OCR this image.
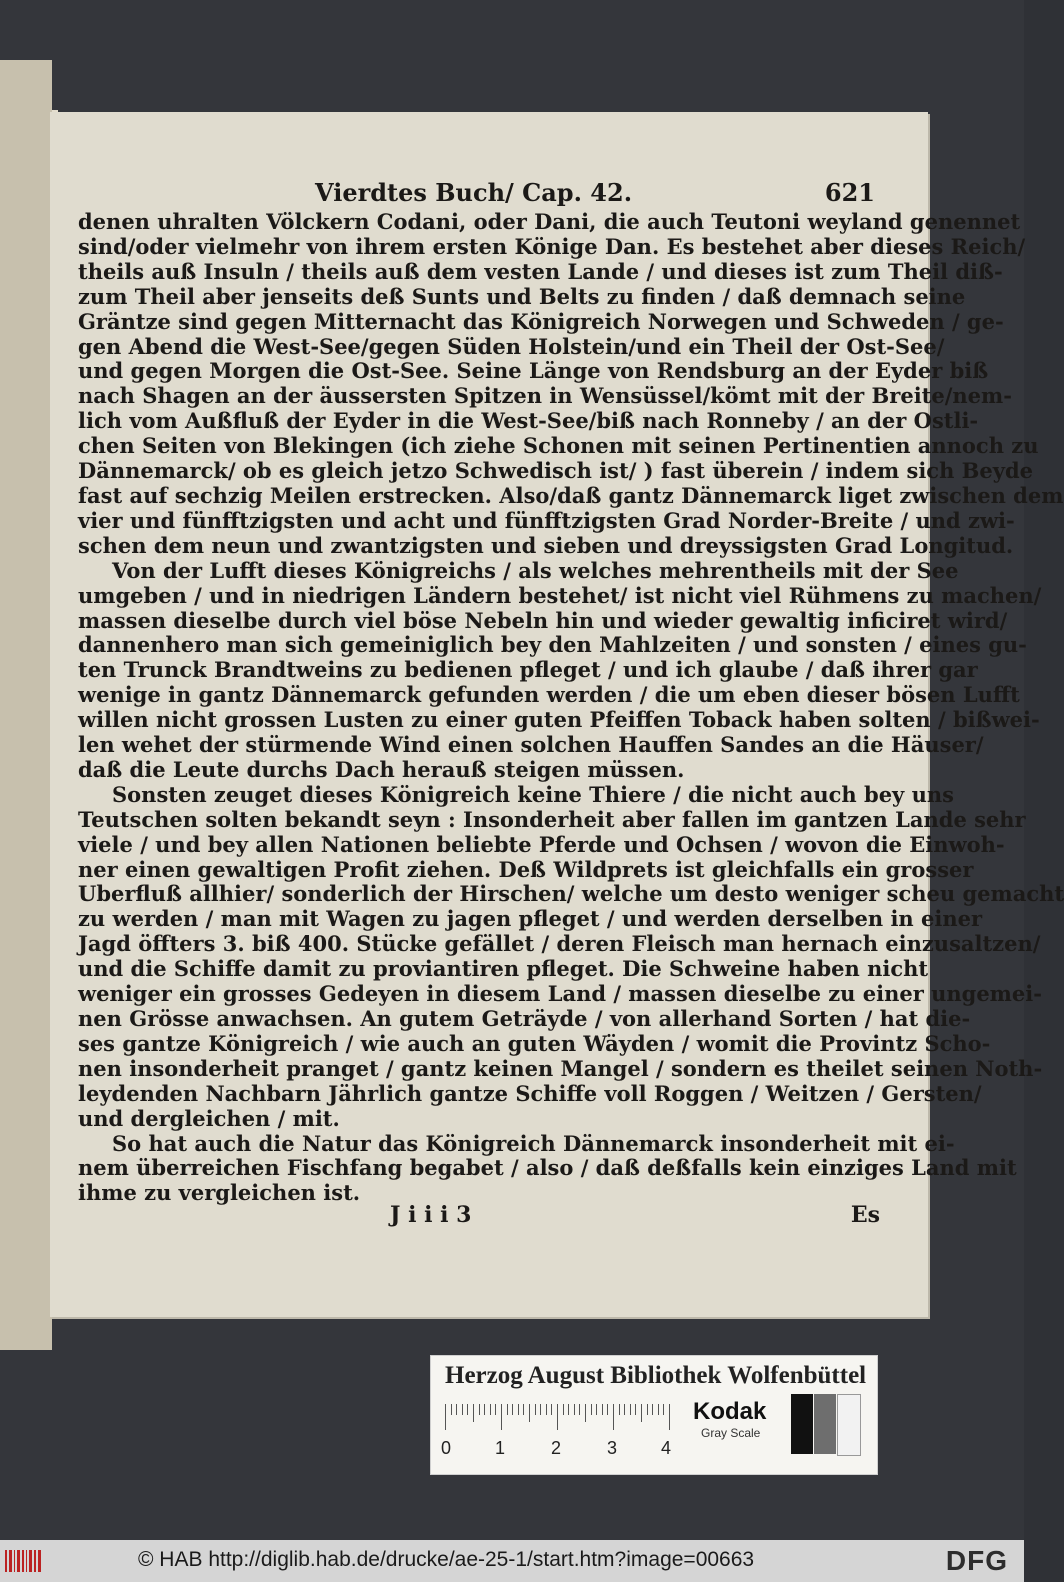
Vierdtes Buch/ Cap. 42.	621
denen uhralten Völckern Codani, oder Dani, die auch Teutoni weyland genennet
sind/oder vielmehr von ihrem ersten Könige Dan. Es bestehet aber dieses Reich/
theils auß Insuln / theils auß dem vesten Lande / und dieses ist zum Theil diß-
zum Theil aber jenseits deß Sunts und Belts zu finden / daß demnach seine
Gräntze sind gegen Mitternacht das Königreich Norwegen und Schweden / ge-
gen Abend die West-See/gegen Süden Holstein/und ein Theil der Ost-See/
und gegen Morgen die Ost-See. Seine Länge von Rendsburg an der Eyder biß
nach Shagen an der äussersten Spitzen in Wensüssel/kömt mit der Breite/nem-
lich vom Außfluß der Eyder in die West-See/biß nach Ronneby / an der Ostli-
chen Seiten von Blekingen (ich ziehe Schonen mit seinen Pertinentien annoch zu
Dännemarck/ ob es gleich jetzo Schwedisch ist/ ) fast überein / indem sich Beyde
fast auf sechzig Meilen erstrecken. Also/daß gantz Dännemarck liget zwischen dem
vier und fünfftzigsten und acht und fünfftzigsten Grad Norder-Breite / und zwi-
schen dem neun und zwantzigsten und sieben und dreyssigsten Grad Longitud.
Von der Lufft dieses Königreichs / als welches mehrentheils mit der See
umgeben / und in niedrigen Ländern bestehet/ ist nicht viel Rühmens zu machen/
massen dieselbe durch viel böse Nebeln hin und wieder gewaltig inficiret wird/
dannenhero man sich gemeiniglich bey den Mahlzeiten / und sonsten / eines gu-
ten Trunck Brandtweins zu bedienen pfleget / und ich glaube / daß ihrer gar
wenige in gantz Dännemarck gefunden werden / die um eben dieser bösen Lufft
willen nicht grossen Lusten zu einer guten Pfeiffen Toback haben solten / bißwei-
len wehet der stürmende Wind einen solchen Hauffen Sandes an die Häuser/
daß die Leute durchs Dach herauß steigen müssen.
Sonsten zeuget dieses Königreich keine Thiere / die nicht auch bey uns
Teutschen solten bekandt seyn : Insonderheit aber fallen im gantzen Lande sehr
viele / und bey allen Nationen beliebte Pferde und Ochsen / wovon die Einwoh-
ner einen gewaltigen Profit ziehen. Deß Wildprets ist gleichfalls ein grosser
Uberfluß allhier/ sonderlich der Hirschen/ welche um desto weniger scheu gemacht
zu werden / man mit Wagen zu jagen pfleget / und werden derselben in einer
Jagd öffters 3. biß 400. Stücke gefället / deren Fleisch man hernach einzusaltzen/
und die Schiffe damit zu proviantiren pfleget. Die Schweine haben nicht
weniger ein grosses Gedeyen in diesem Land / massen dieselbe zu einer ungemei-
nen Grösse anwachsen. An gutem Geträyde / von allerhand Sorten / hat die-
ses gantze Königreich / wie auch an guten Wäyden / womit die Provintz Scho-
nen insonderheit pranget / gantz keinen Mangel / sondern es theilet seinen Noth-
leydenden Nachbarn Jährlich gantze Schiffe voll Roggen / Weitzen / Gersten/
und dergleichen / mit.
So hat auch die Natur das Königreich Dännemarck insonderheit mit ei-
nem überreichen Fischfang begabet / also / daß deßfalls kein einziges Land mit
ihme zu vergleichen ist.
J i i i 3	Es
Herzog August Bibliothek Wolfenbüttel
0 1	2	3 4
Kodak
Gray Scale
© HAB http://diglib.hab.de/drucke/ae-25-1/start.htm?image=00663	DFG
